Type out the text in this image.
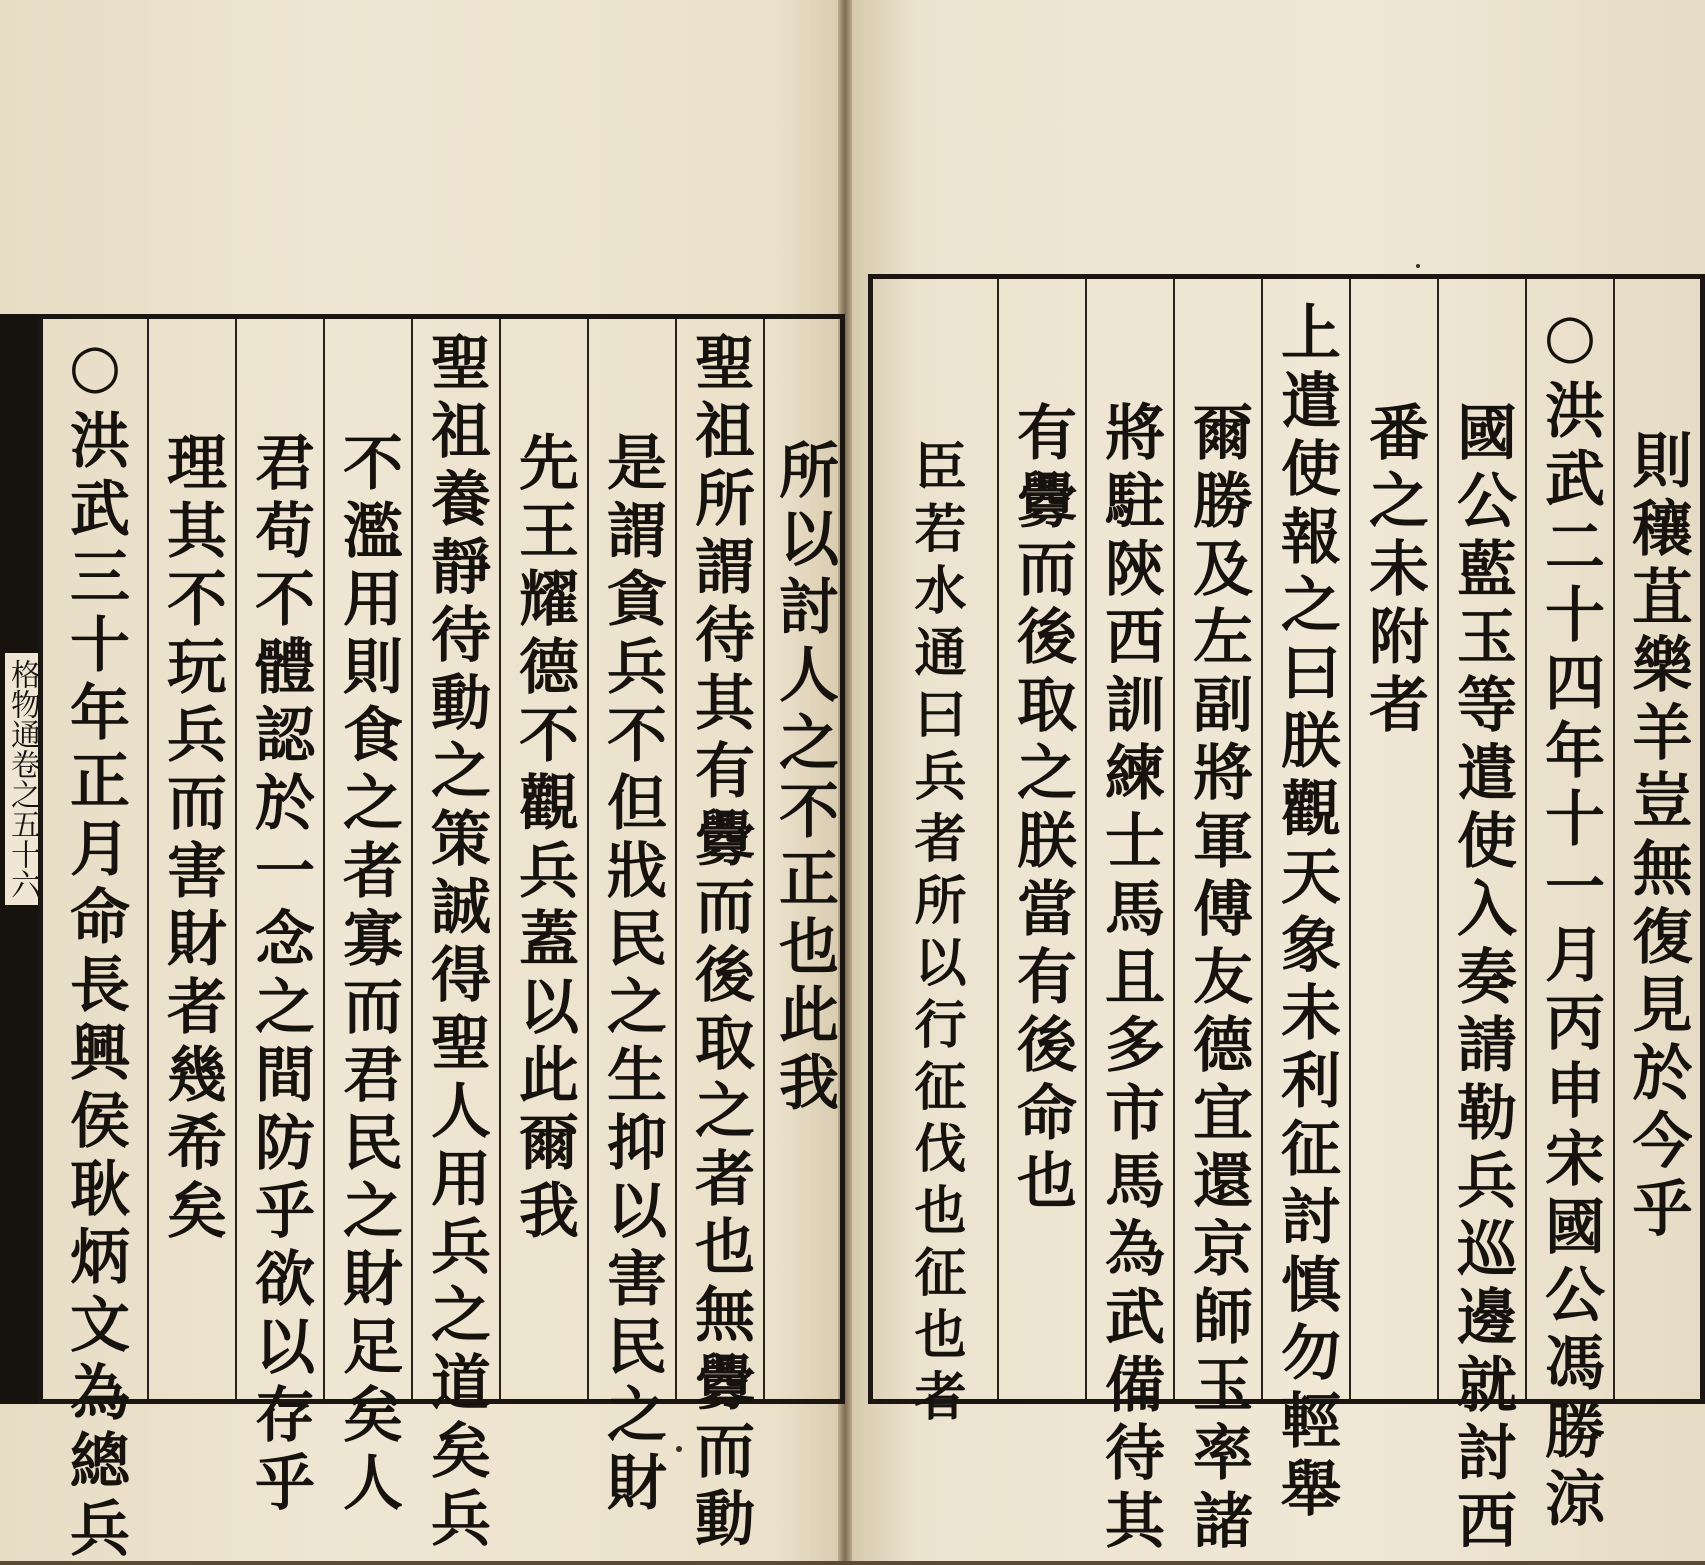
格物通卷之五十六	所以討人之不正也此我
聖祖所謂待其有釁而後取之者也無釁而動
是謂貪兵不但戕民之生抑以害民之財
先王耀德不觀兵蓋以此爾我
聖祖養靜待動之策誠得聖人用兵之道矣兵
不濫用則食之者寡而君民之財足矣人
君苟不體認於一念之間防乎欲以存乎
理其不玩兵而害財者幾希矣
○洪武三十年正月命長興侯耿炳文為總兵	則穰苴樂羊豈無復見於今乎
○洪武二十四年十一月丙申宋國公馮勝涼
國公藍玉等遣使入奏請勒兵巡邊就討西
番之未附者
上遣使報之曰朕觀天象未利征討慎勿輕舉
爾勝及左副將軍傅友德宜還京師玉率諸
將駐陝西訓練士馬且多市馬為武備待其
有釁而後取之朕當有後命也
臣若水通曰兵者所以行征伐也征也者
